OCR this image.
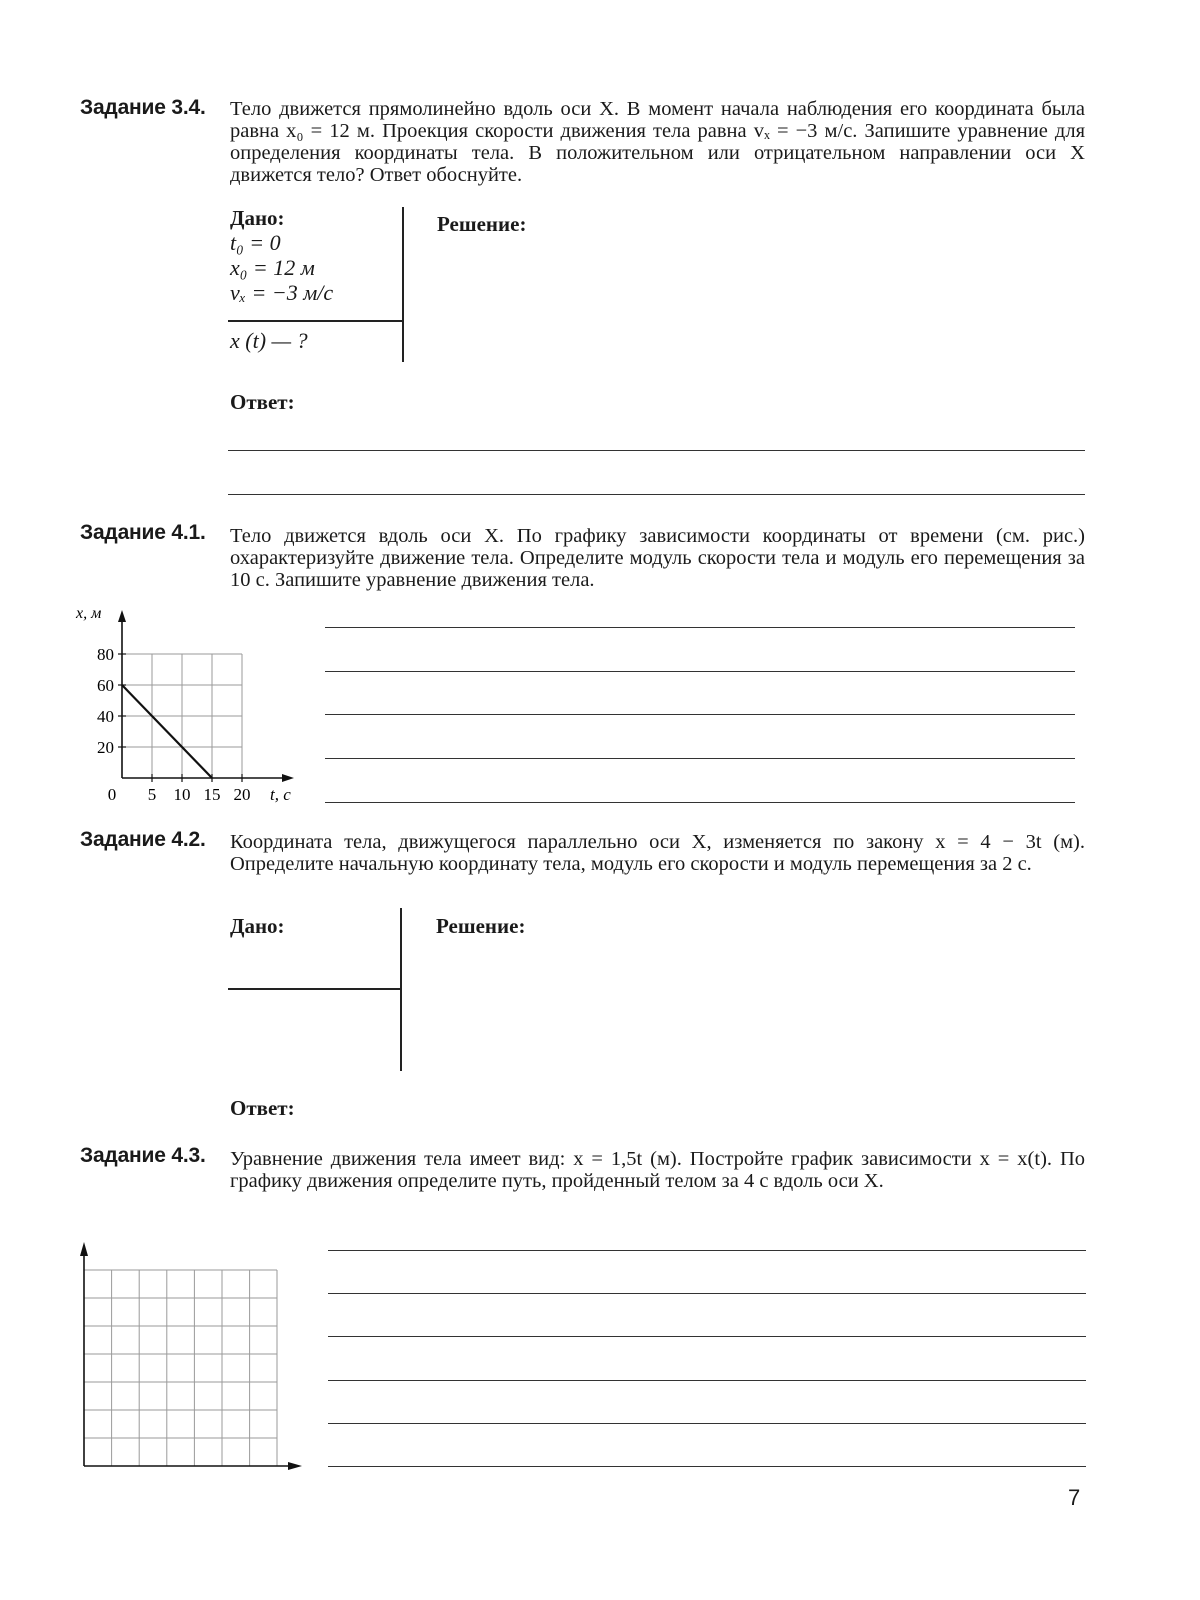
Задание 3.4. Тело движется прямолинейно вдоль оси X. В момент начала наблюдения его координата была равна x₀ = 12 м. Проекция скорости движения тела равна vₓ = −3 м/с. Запишите уравнение для определения координаты тела. В положительном или отрицательном направлении оси X движется тело? Ответ обоснуйте.
Дано:
t₀ = 0
x₀ = 12 м
vₓ = −3 м/с
x (t) — ?
Решение:
Ответ:
Задание 4.1. Тело движется вдоль оси X. По графику зависимости координаты от времени (см. рис.) охарактеризуйте движение тела. Определите модуль скорости тела и модуль его перемещения за 10 с. Запишите уравнение движения тела.
20
40
60
80
0 5 10 15 20
x, м
t, с
Задание 4.2. Координата тела, движущегося параллельно оси X, изменяется по закону x = 4 − 3t (м). Определите начальную координату тела, модуль его скорости и модуль перемещения за 2 с.
Дано:	Решение:
Ответ:
Задание 4.3. Уравнение движения тела имеет вид: x = 1,5t (м). Постройте график зависимости x = x(t). По графику движения определите путь, пройденный телом за 4 с вдоль оси X.
7
